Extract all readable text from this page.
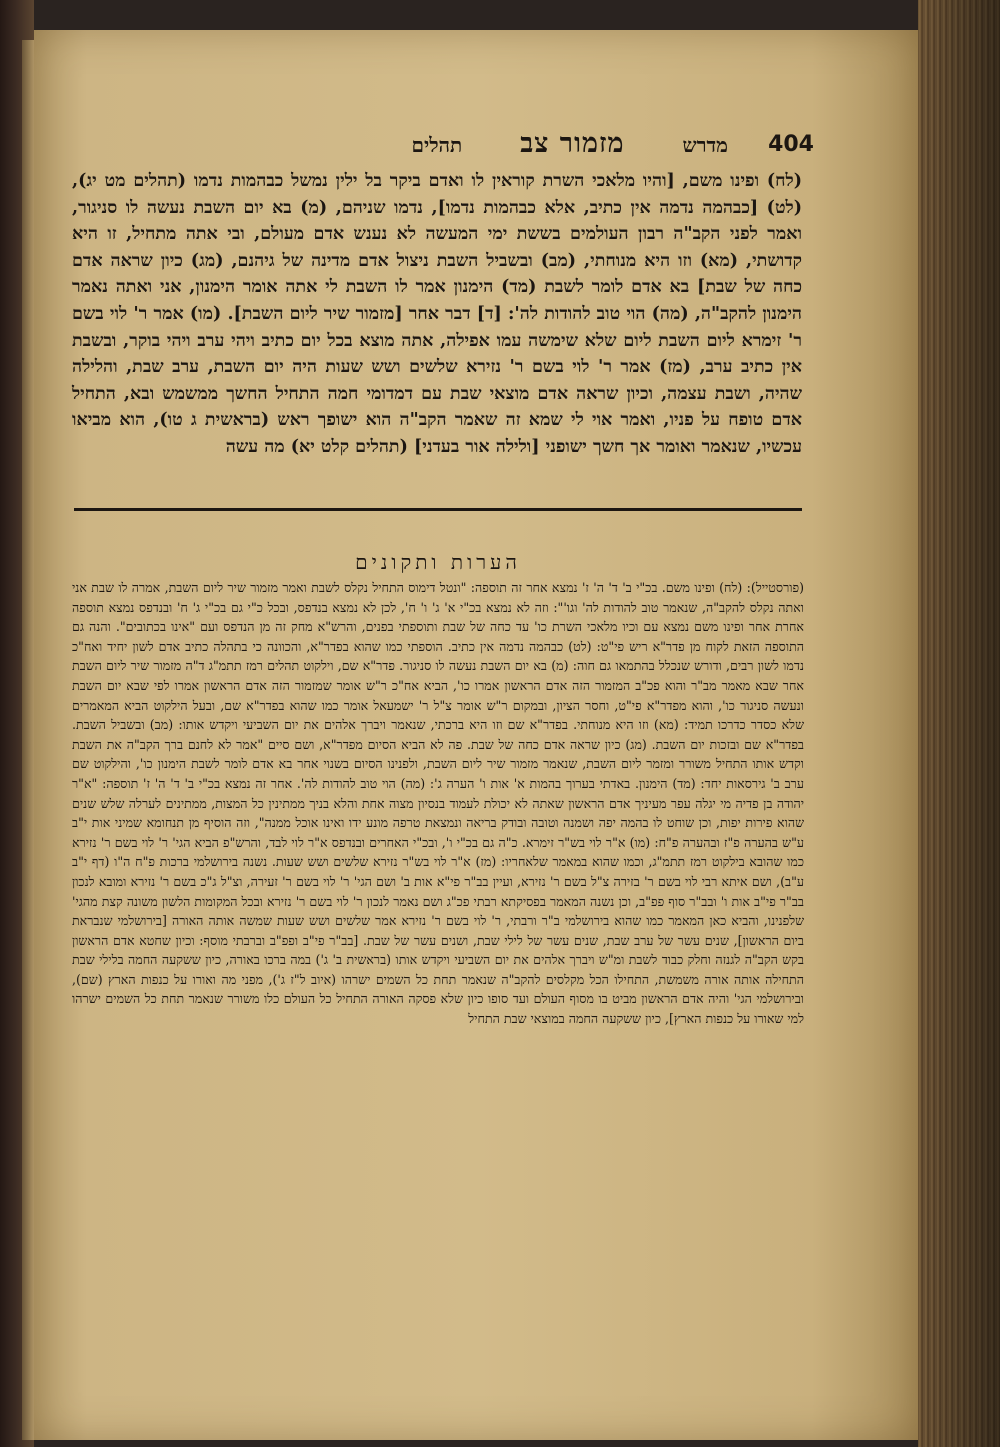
מדרש
מזמור צב
תהלים	404

(לח) ופינו משם, [והיו מלאכי השרת קוראין לו ואדם ביקר בל ילין נמשל כבהמות נדמו (תהלים מט יג), (לט) [כבהמה נדמה אין כתיב, אלא כבהמות נדמו], נדמו שניהם, (מ) בא יום השבת נעשה לו סניגור, ואמר לפני הקב"ה רבון העולמים בששת ימי המעשה לא נענש אדם מעולם, ובי אתה מתחיל, זו היא קדושתי, (מא) וזו היא מנוחתי, (מב) ובשביל השבת ניצול אדם מדינה של גיהנם, (מג) כיון שראה אדם כחה של שבת] בא אדם לומר לשבת (מד) הימנון אמר לו השבת לי אתה אומר הימנון, אני ואתה נאמר הימנון להקב"ה, (מה) הוי טוב להודות לה': [ד] דבר אחר [מזמור שיר ליום השבת]. (מו) אמר ר' לוי בשם ר' זימרא ליום השבת ליום שלא שימשה עמו אפילה, אתה מוצא בכל יום כתיב ויהי ערב ויהי בוקר, ובשבת אין כתיב ערב, (מז) אמר ר' לוי בשם ר' נזירא שלשים ושש שעות היה יום השבת, ערב שבת, והלילה שהיה, ושבת עצמה, וכיון שראה אדם מוצאי שבת עם דמדומי חמה התחיל החשך ממשמש ובא, התחיל אדם טופח על פניו, ואמר אוי לי שמא זה שאמר הקב"ה הוא ישופך ראש (בראשית ג טו), הוא מביאו עכשיו, שנאמר ואומר אך חשך ישופני [ולילה אור בעדני] (תהלים קלט יא) מה עשה

הערות ותקונים

(פורסטייל): (לח) ופינו משם. בכ"י ב' ד' ה' ז' נמצא אחר זה תוספה: "ונטל דימוס התחיל נקלס לשבת ואמר מזמור שיר ליום השבת, אמרה לו שבת אני ואתה נקלס להקב"ה, שנאמר טוב להודות לה' וגו'": וזה לא נמצא בכ"י א' ג' ו' ח', לכן לא נמצא בנדפס, ובכל כ"י גם בכ"י ג' ח' ובנדפס נמצא תוספה אחרת אחר ופינו משם נמצא עם וכיו מלאכי השרת כו' עד כחה של שבת ותוספתי בפנים, והרש"א מחק זה מן הנדפס ועם "אינו בכתובים". והנה גם התוספה הזאת לקוח מן פדר"א ריש פי"ט: (לט) כבהמה נדמה אין כתיב. הוספתי כמו שהוא בפדר"א, והכוונה כי בתהלה כתיב אדם לשון יחיד ואח"כ נדמו לשון רבים, ודורש שנכלל בהתמאו גם חוה: (מ) בא יום השבת נעשה לו סניגור. פדר"א שם, וילקוט תהלים רמז תתמ"ג ד"ה מזמור שיר ליום השבת אחר שבא מאמר מב"ר והוא פכ"ב המזמור הזה אדם הראשון אמרו כו', הביא אח"כ ר"ש אומר שמזמור הזה אדם הראשון אמרו לפי שבא יום השבת ונעשה סניגור כו', והוא מפדר"א פי"ט, וחסר הציון, ובמקום ר"ש אומר צ"ל ר' ישמעאל אומר כמו שהוא בפדר"א שם, ובעל הילקוט הביא המאמרים שלא כסדר כדרכו תמיד: (מא) וזו היא מנוחתי. בפדר"א שם וזו היא ברכתי, שנאמר ויברך אלהים את יום השביעי ויקדש אותו: (מב) ובשביל השבת. בפדר"א שם ובזכות יום השבת. (מג) כיון שראה אדם כחה של שבת. פה לא הביא הסיום מפדר"א, ושם סיים "אמר לא לחנם ברך הקב"ה את השבת וקדש אותו התחיל משורר ומזמר ליום השבת, שנאמר מזמור שיר ליום השבת, ולפנינו הסיום בשנוי אחר בא אדם לומר לשבת הימנון כו', והילקוט שם ערב ב' גירסאות יחד: (מד) הימנון. באדתי בערוך בהמות א' אות ו' הערה ג': (מה) הוי טוב להודות לה'. אחר זה נמצא בכ"י ב' ד' ה' ז' תוספה: "א"ר יהודה בן פדיה מי יגלה עפר מעיניך אדם הראשון שאתה לא יכולת לעמוד בנסיון מצוה אחת והלא בניך ממתינין כל המצות, ממתינים לערלה שלש שנים שהוא פירות יפות, וכן שוחט לו בהמה יפה ושמנה וטובה ובודק בריאה ונמצאת טרפה מונע ידו ואינו אוכל ממנה", וזה הוסיף מן תנחומא שמיני אות י"ב ע"ש בהערה פ"ז ובהערה פ"ח: (מו) א"ר לוי בש"ר זימרא. כ"ה גם בכ"י ו', ובכ"י האחרים ובנדפס א"ר לוי לבד, והרש"פ הביא הגי' ר' לוי בשם ר' נזירא כמו שהובא בילקוט רמז תתמ"ג, וכמו שהוא במאמר שלאחריו: (מז) א"ר לוי בש"ר נזירא שלשים ושש שעות. נשנה בירושלמי ברכות פ"ח ה"ו (דף י"ב ע"ב), ושם איתא רבי לוי בשם ר' בזירה צ"ל בשם ר' נזירא, ועיין בב"ר פי"א אות ב' ושם הגי' ר' לוי בשם ר' זעירה, וצ"ל ג"כ בשם ר' נזירא ומובא לנכון בב"ר פי"ב אות ו' ובב"ר סוף פפ"ב, וכן נשנה המאמר בפסיקתא רבתי פכ"ג ושם נאמר לנכון ר' לוי בשם ר' נזירא ובכל המקומות הלשון משונה קצת מהגי' שלפנינו, והביא כאן המאמר כמו שהוא בירושלמי ב"ר ורבתי, ר' לוי בשם ר' נזירא אמר שלשים ושש שעות שמשה אותה האורה [בירושלמי שנבראת ביום הראשון], שנים עשר של ערב שבת, שנים עשר של לילי שבת, ושנים עשר של שבת. [בב"ר פי"ב ופפ"ב וברבתי מוסף: וכיון שחטא אדם הראשון בקש הקב"ה לגנזה וחלק כבוד לשבת ומ"ש ויברך אלהים את יום השביעי ויקדש אותו (בראשית ב' ג') במה ברכו באורה, כיון ששקעה החמה בלילי שבת התחילה אותה אורה משמשת, התחילו הכל מקלסים להקב"ה שנאמר תחת כל השמים ישרהו (איוב ל"ז ג'), מפני מה ואורו על כנפות הארץ (שם), ובירושלמי הגי' והיה אדם הראשון מביט בו מסוף העולם ועד סופו כיון שלא פסקה האורה התחיל כל העולם כלו משורר שנאמר תחת כל השמים ישרהו למי שאורו על כנפות הארץ], כיון ששקעה החמה במוצאי שבת התחיל
